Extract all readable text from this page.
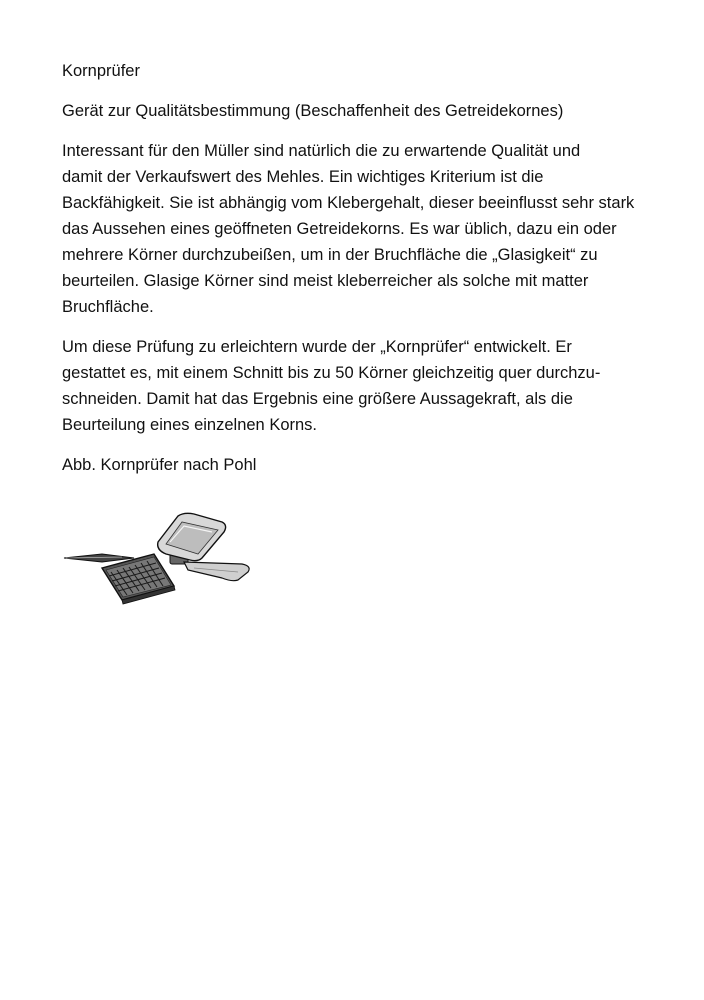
Kornprüfer

Gerät zur Qualitätsbestimmung (Beschaffenheit des Getreidekornes)

Interessant für den Müller sind natürlich die zu erwartende Qualität und
damit der Verkaufswert des Mehles. Ein wichtiges Kriterium ist die
Backfähigkeit. Sie ist abhängig vom Klebergehalt, dieser beeinflusst sehr stark
das Aussehen eines geöffneten Getreidekorns. Es war üblich, dazu ein oder
mehrere Körner durchzubeißen, um in der Bruchfläche die „Glasigkeit“ zu
beurteilen. Glasige Körner sind meist kleberreicher als solche mit matter
Bruchfläche.

Um diese Prüfung zu erleichtern wurde der „Kornprüfer“ entwickelt. Er
gestattet es, mit einem Schnitt bis zu 50 Körner gleichzeitig quer durchzu-
schneiden. Damit hat das Ergebnis eine größere Aussagekraft, als die
Beurteilung eines einzelnen Korns.

Abb. Kornprüfer nach Pohl
